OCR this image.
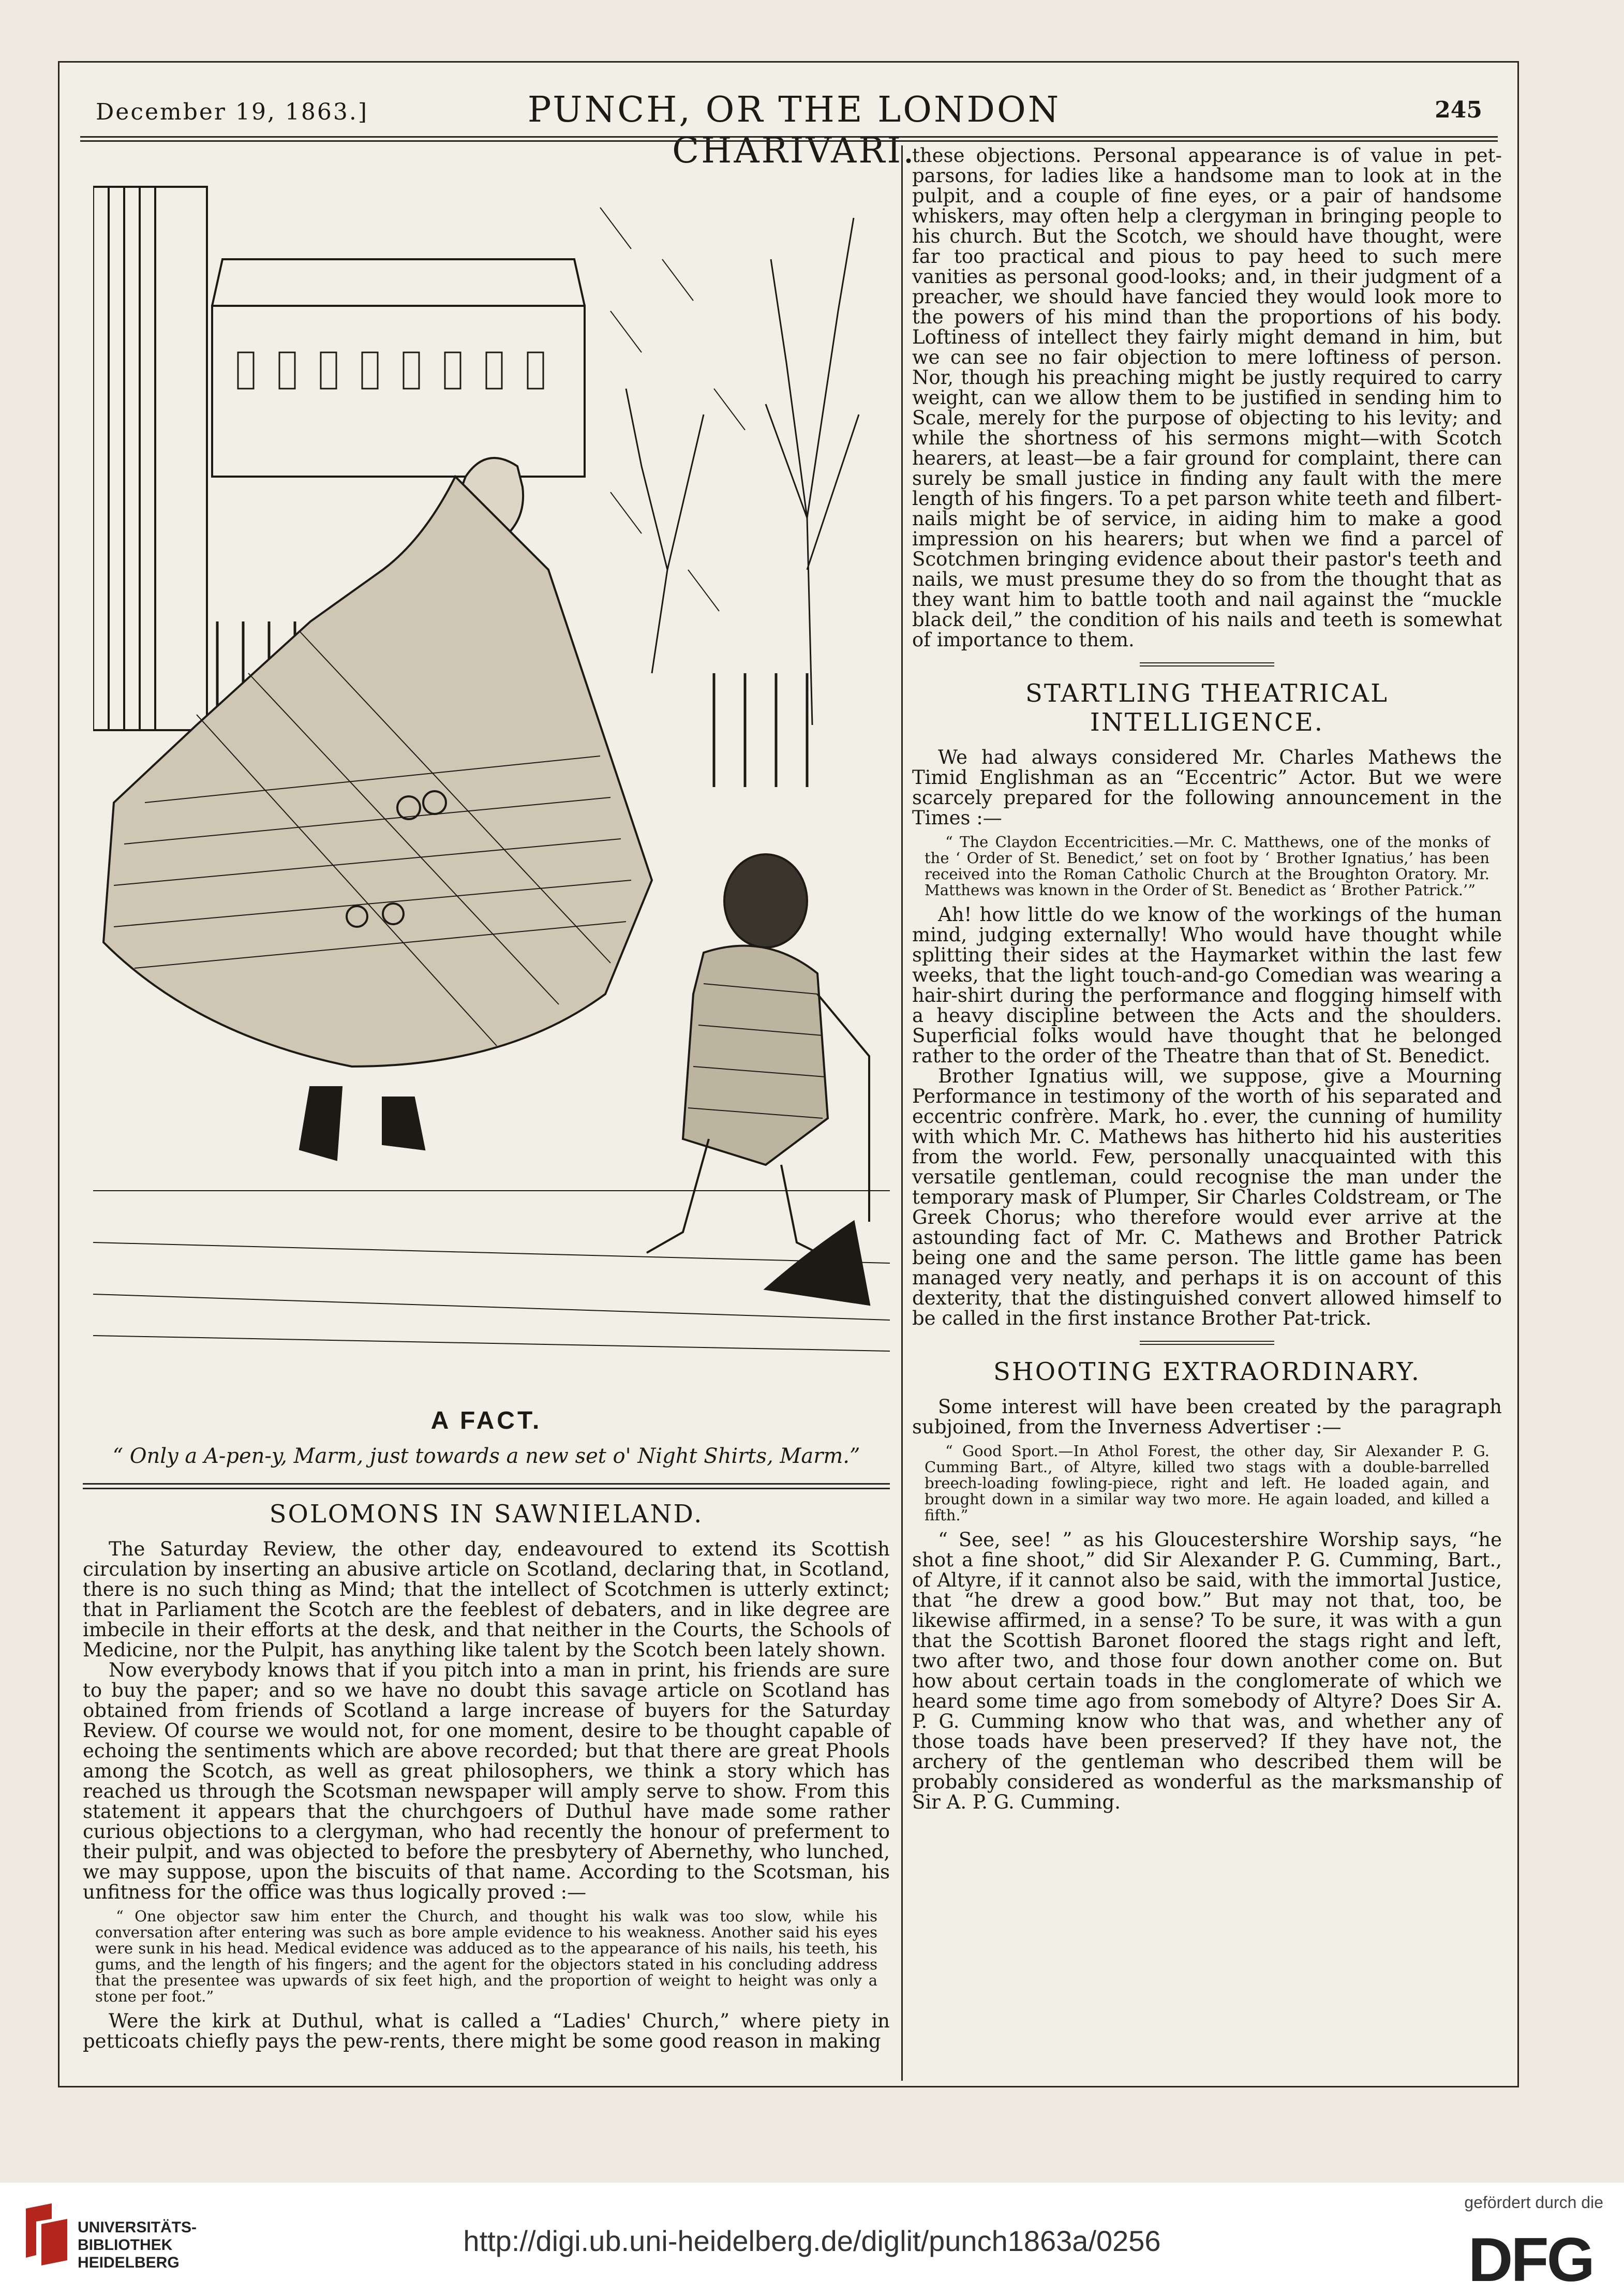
December 19, 1863.]	PUNCH, OR THE LONDON CHARIVARI.
245
A FACT.
“ Only a A-pen-y, Marm, just towards a new set o' Night Shirts, Marm.”
SOLOMONS IN SAWNIELAND.

The Saturday Review, the other day, endeavoured to extend its Scottish circulation by inserting an abusive article on Scotland, declaring that, in Scotland, there is no such thing as Mind; that the intellect of Scotchmen is utterly extinct; that in Parliament the Scotch are the feeblest of debaters, and in like degree are imbecile in their efforts at the desk, and that neither in the Courts, the Schools of Medicine, nor the Pulpit, has anything like talent by the Scotch been lately shown.

Now everybody knows that if you pitch into a man in print, his friends are sure to buy the paper; and so we have no doubt this savage article on Scotland has obtained from friends of Scotland a large increase of buyers for the Saturday Review. Of course we would not, for one moment, desire to be thought capable of echoing the sentiments which are above recorded; but that there are great Phools among the Scotch, as well as great philosophers, we think a story which has reached us through the Scotsman newspaper will amply serve to show. From this statement it appears that the churchgoers of Duthul have made some rather curious objections to a clergyman, who had recently the honour of preferment to their pulpit, and was objected to before the presbytery of Abernethy, who lunched, we may suppose, upon the biscuits of that name. According to the Scotsman, his unfitness for the office was thus logically proved :—

“ One objector saw him enter the Church, and thought his walk was too slow, while his conversation after entering was such as bore ample evidence to his weakness. Another said his eyes were sunk in his head. Medical evidence was adduced as to the appearance of his nails, his teeth, his gums, and the length of his fingers; and the agent for the objectors stated in his concluding address that the presentee was upwards of six feet high, and the proportion of weight to height was only a stone per foot.”

Were the kirk at Duthul, what is called a “Ladies' Church,” where piety in petticoats chiefly pays the pew-rents, there might be some good reason in making

these objections. Personal appearance is of value in pet-parsons, for ladies like a handsome man to look at in the pulpit, and a couple of fine eyes, or a pair of handsome whiskers, may often help a clergyman in bringing people to his church. But the Scotch, we should have thought, were far too practical and pious to pay heed to such mere vanities as personal good-looks; and, in their judgment of a preacher, we should have fancied they would look more to the powers of his mind than the proportions of his body. Loftiness of intellect they fairly might demand in him, but we can see no fair objection to mere loftiness of person. Nor, though his preaching might be justly required to carry weight, can we allow them to be justified in sending him to Scale, merely for the purpose of objecting to his levity; and while the shortness of his sermons might—with Scotch hearers, at least—be a fair ground for complaint, there can surely be small justice in finding any fault with the mere length of his fingers. To a pet parson white teeth and filbert-nails might be of service, in aiding him to make a good impression on his hearers; but when we find a parcel of Scotchmen bringing evidence about their pastor's teeth and nails, we must presume they do so from the thought that as they want him to battle tooth and nail against the “muckle black deil,” the condition of his nails and teeth is somewhat of importance to them.

STARTLING THEATRICAL INTELLIGENCE.

We had always considered Mr. Charles Mathews the Timid Englishman as an “Eccentric” Actor. But we were scarcely prepared for the following announcement in the Times :—

“ The Claydon Eccentricities.—Mr. C. Matthews, one of the monks of the ‘ Order of St. Benedict,’ set on foot by ‘ Brother Ignatius,’ has been received into the Roman Catholic Church at the Broughton Oratory. Mr. Matthews was known in the Order of St. Benedict as ‘ Brother Patrick.’”

Ah! how little do we know of the workings of the human mind, judging externally! Who would have thought while splitting their sides at the Haymarket within the last few weeks, that the light touch-and-go Comedian was wearing a hair-shirt during the performance and flogging himself with a heavy discipline between the Acts and the shoulders. Superficial folks would have thought that he belonged rather to the order of the Theatre than that of St. Benedict.

Brother Ignatius will, we suppose, give a Mourning Performance in testimony of the worth of his separated and eccentric confrère. Mark, ho . ever, the cunning of humility with which Mr. C. Mathews has hitherto hid his austerities from the world. Few, personally unacquainted with this versatile gentleman, could recognise the man under the temporary mask of Plumper, Sir Charles Coldstream, or The Greek Chorus; who therefore would ever arrive at the astounding fact of Mr. C. Mathews and Brother Patrick being one and the same person. The little game has been managed very neatly, and perhaps it is on account of this dexterity, that the distinguished convert allowed himself to be called in the first instance Brother Pat-trick.

SHOOTING EXTRAORDINARY.

Some interest will have been created by the paragraph subjoined, from the Inverness Advertiser :—

“ Good Sport.—In Athol Forest, the other day, Sir Alexander P. G. Cumming Bart., of Altyre, killed two stags with a double-barrelled breech-loading fowling-piece, right and left. He loaded again, and brought down in a similar way two more. He again loaded, and killed a fifth.”

“ See, see! ” as his Gloucestershire Worship says, “he shot a fine shoot,” did Sir Alexander P. G. Cumming, Bart., of Altyre, if it cannot also be said, with the immortal Justice, that “he drew a good bow.” But may not that, too, be likewise affirmed, in a sense? To be sure, it was with a gun that the Scottish Baronet floored the stags right and left, two after two, and those four down another come on. But how about certain toads in the conglomerate of which we heard some time ago from somebody of Altyre? Does Sir A. P. G. Cumming know who that was, and whether any of those toads have been preserved? If they have not, the archery of the gentleman who described them will be probably considered as wonderful as the marksmanship of Sir A. P. G. Cumming.

UNIVERSITÄTS-
BIBLIOTHEK
HEIDELBERG
http://digi.ub.uni-heidelberg.de/diglit/punch1863a/0256
gefördert durch die
DFG
